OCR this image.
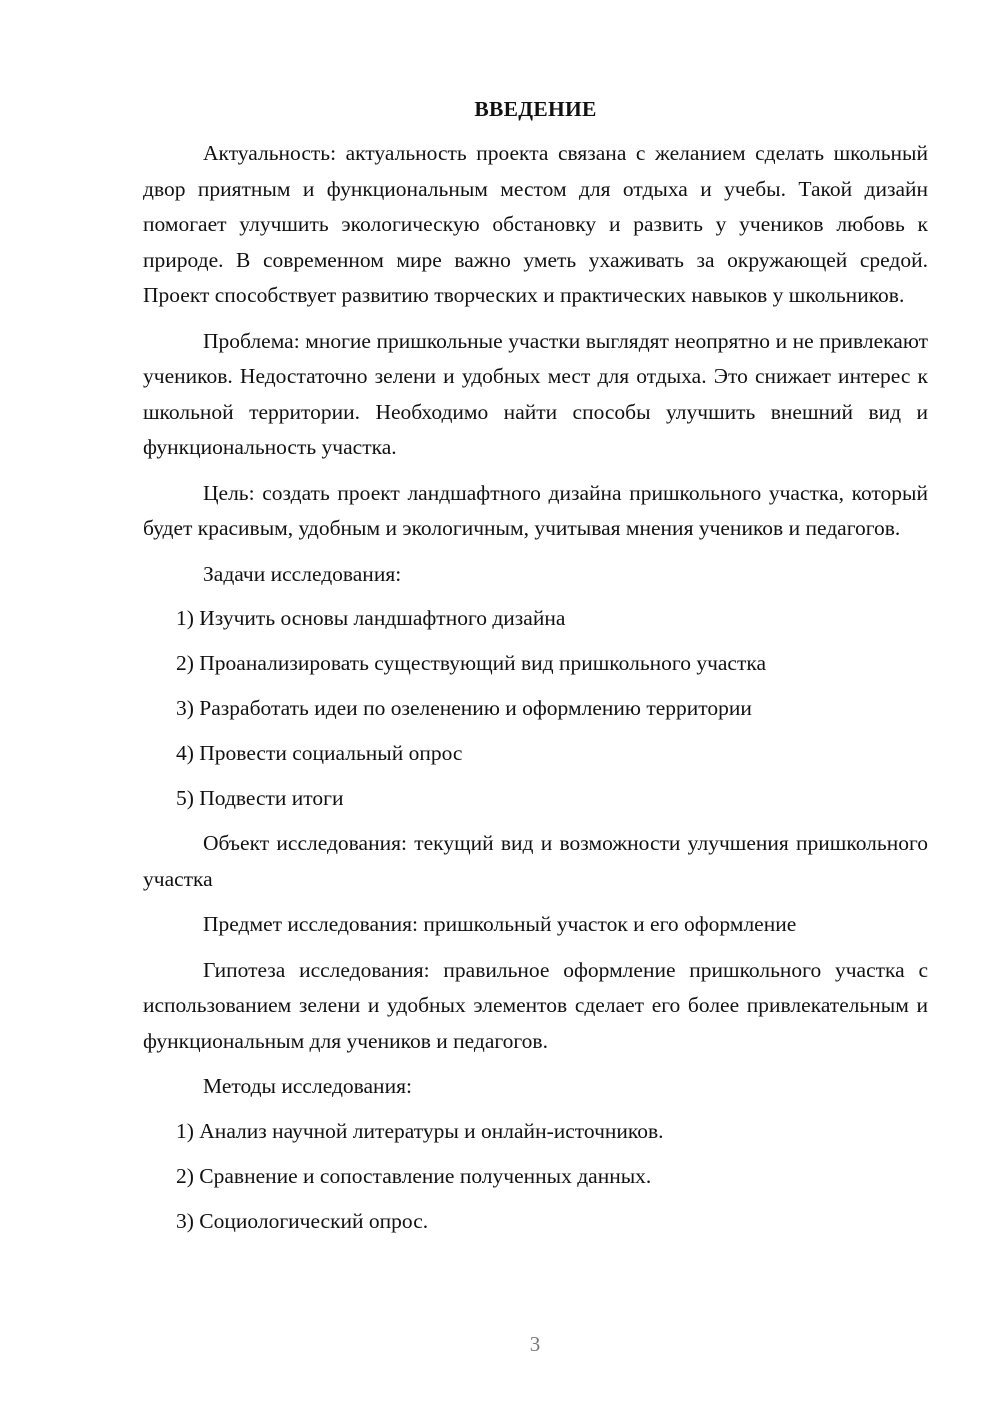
ВВЕДЕНИЕ

Актуальность: актуальность проекта связана с желанием сделать школьный двор приятным и функциональным местом для отдыха и учебы. Такой дизайн помогает улучшить экологическую обстановку и развить у учеников любовь к природе. В современном мире важно уметь ухаживать за окружающей средой. Проект способствует развитию творческих и практических навыков у школьников.

Проблема: многие пришкольные участки выглядят неопрятно и не привлекают учеников. Недостаточно зелени и удобных мест для отдыха. Это снижает интерес к школьной территории. Необходимо найти способы улучшить внешний вид и функциональность участка.

Цель: создать проект ландшафтного дизайна пришкольного участка, который будет красивым, удобным и экологичным, учитывая мнения учеников и педагогов.

Задачи исследования:

1) Изучить основы ландшафтного дизайна
2) Проанализировать существующий вид пришкольного участка
3) Разработать идеи по озеленению и оформлению территории
4) Провести социальный опрос
5) Подвести итоги

Объект исследования: текущий вид и возможности улучшения пришкольного участка

Предмет исследования: пришкольный участок и его оформление

Гипотеза исследования: правильное оформление пришкольного участка с использованием зелени и удобных элементов сделает его более привлекательным и функциональным для учеников и педагогов.

Методы исследования:

1) Анализ научной литературы и онлайн-источников.
2) Сравнение и сопоставление полученных данных.
3) Социологический опрос.
3
